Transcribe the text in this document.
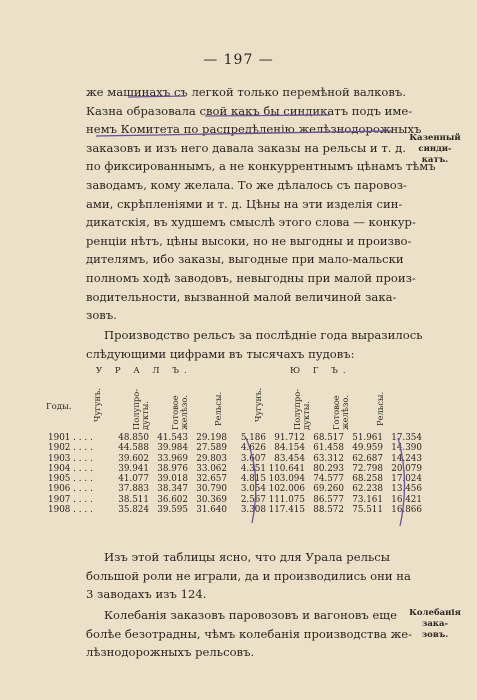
— 197 —
же машинахъ съ легкой только перемѣной валковъ.
Казна образовала свой какъ бы синдикатъ подъ име-
немъ Комитета по распредѣленію желѣзнодорожныхъ
заказовъ и изъ него давала заказы на рельсы и т. д.
по фиксированнымъ, а не конкуррентнымъ цѣнамъ тѣмъ
заводамъ, кому желала. То же дѣлалось съ паровоз-
ами, скрѣпленіями и т. д. Цѣны на эти изделія син-
дикатскія, въ худшемъ смыслѣ этого слова — конкур-
ренціи нѣтъ, цѣны высоки, но не выгодны и произво-
дителямъ, ибо заказы, выгодные при мало-мальски
полномъ ходѣ заводовъ, невыгодны при малой произ-
водительности, вызванной малой величиной зака-
зовъ.
Казенный синди-
катъ.
Производство рельсъ за послѣдніе года выразилось
слѣдующими цифрами въ тысячахъ пудовъ:
У Р А Л Ъ.	Ю Г Ъ.
Годы. Чугунъ.	Полупро-
дукты. Готовое
желѣзо.	Рельсы.	Чугунъ.	Полупро-
дукты. Готовое
желѣзо.	Рельсы.
1901 . . . .	48.850	41.543	29.198	5.186	91.712	68.517	51.961	17.354
1902 . . . .	44.588	39.984	27.589	4.626	84.154	61.458	49.959	14.390
1903 . . . .	39.602	33.969	29.803	3.607	83.454	63.312	62.687	14.243
1904 . . . .	39.941	38.976	33.062	4.351	110.641	80.293	72.798	20.079
1905 . . . .	41.077	39.018	32.657	4.815	103.094	74.577	68.258	17.024
1906 . . . .	37.883	38.347	30.790	3.054	102.006	69.260	62.238	13.456
1907 . . . .	38.511	36.602	30.369	2.567	111.075	86.577	73.161	16.421
1908 . . . .	35.824	39.595	31.640	3.308	117.415	88.572	75.511	16.866
Изъ этой таблицы ясно, что для Урала рельсы
большой роли не играли, да и производились они на
3 заводахъ изъ 124.
Колебанія заказовъ паровозовъ и вагоновъ еще
болѣе безотрадны, чѣмъ колебанія производства же-
лѣзнодорожныхъ рельсовъ.
Колебанія зака-
зовъ.
